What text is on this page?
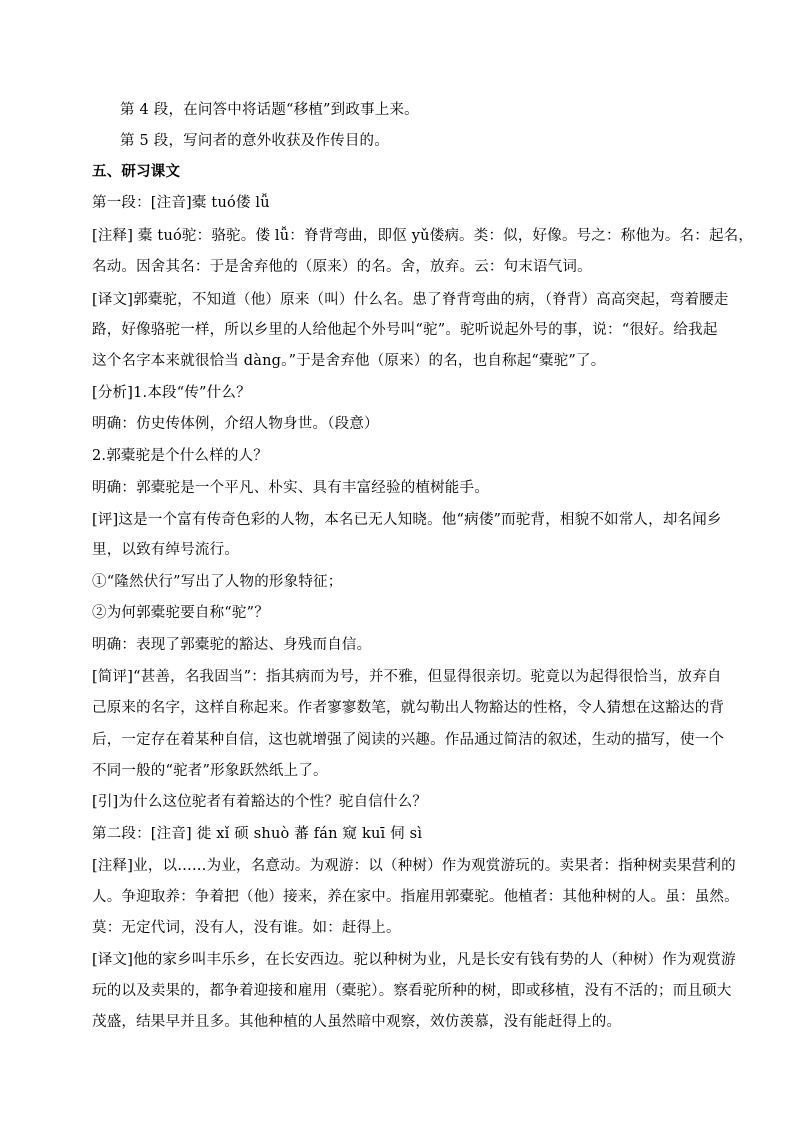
第 4 段，在问答中将话题“移植”到政事上来。
第 5 段，写问者的意外收获及作传目的。
五、研习课文
第一段：[注音]橐 tuó偻 lǚ
[注释] 橐 tuó驼：骆驼。偻 lǚ：脊背弯曲，即伛 yǔ偻病。类：似，好像。号之：称他为。名：起名，
名动。因舍其名：于是舍弃他的（原来）的名。舍，放弃。云：句末语气词。
[译文]郭橐驼，不知道（他）原来（叫）什么名。患了脊背弯曲的病，（脊背）高高突起，弯着腰走
路，好像骆驼一样，所以乡里的人给他起个外号叫“驼”。驼听说起外号的事，说：“很好。给我起
这个名字本来就很恰当 dàng。”于是舍弃他（原来）的名，也自称起“橐驼”了。
[分析]1.本段“传”什么？
明确：仿史传体例，介绍人物身世。（段意）
2.郭橐驼是个什么样的人？
明确：郭橐驼是一个平凡、朴实、具有丰富经验的植树能手。
[评]这是一个富有传奇色彩的人物，本名已无人知晓。他“病偻”而驼背，相貌不如常人，却名闻乡
里，以致有绰号流行。
①“隆然伏行”写出了人物的形象特征；
②为何郭橐驼要自称“驼”？
明确：表现了郭橐驼的豁达、身残而自信。
[简评]“甚善，名我固当”：指其病而为号，并不雅，但显得很亲切。驼竟以为起得很恰当，放弃自
己原来的名字，这样自称起来。作者寥寥数笔，就勾勒出人物豁达的性格，令人猜想在这豁达的背
后，一定存在着某种自信，这也就增强了阅读的兴趣。作品通过简洁的叙述，生动的描写，使一个
不同一般的“驼者”形象跃然纸上了。
[引]为什么这位驼者有着豁达的个性？驼自信什么？
第二段：[注音] 徙 xǐ 硕 shuò 蕃 fán 窥 kuī 伺 sì
[注释]业，以……为业，名意动。为观游：以（种树）作为观赏游玩的。卖果者：指种树卖果营利的
人。争迎取养：争着把（他）接来，养在家中。指雇用郭橐驼。他植者：其他种树的人。虽：虽然。
莫：无定代词，没有人，没有谁。如：赶得上。
[译文]他的家乡叫丰乐乡，在长安西边。驼以种树为业，凡是长安有钱有势的人（种树）作为观赏游
玩的以及卖果的，都争着迎接和雇用（橐驼）。察看驼所种的树，即或移植，没有不活的；而且硕大
茂盛，结果早并且多。其他种植的人虽然暗中观察，效仿羡慕，没有能赶得上的。
